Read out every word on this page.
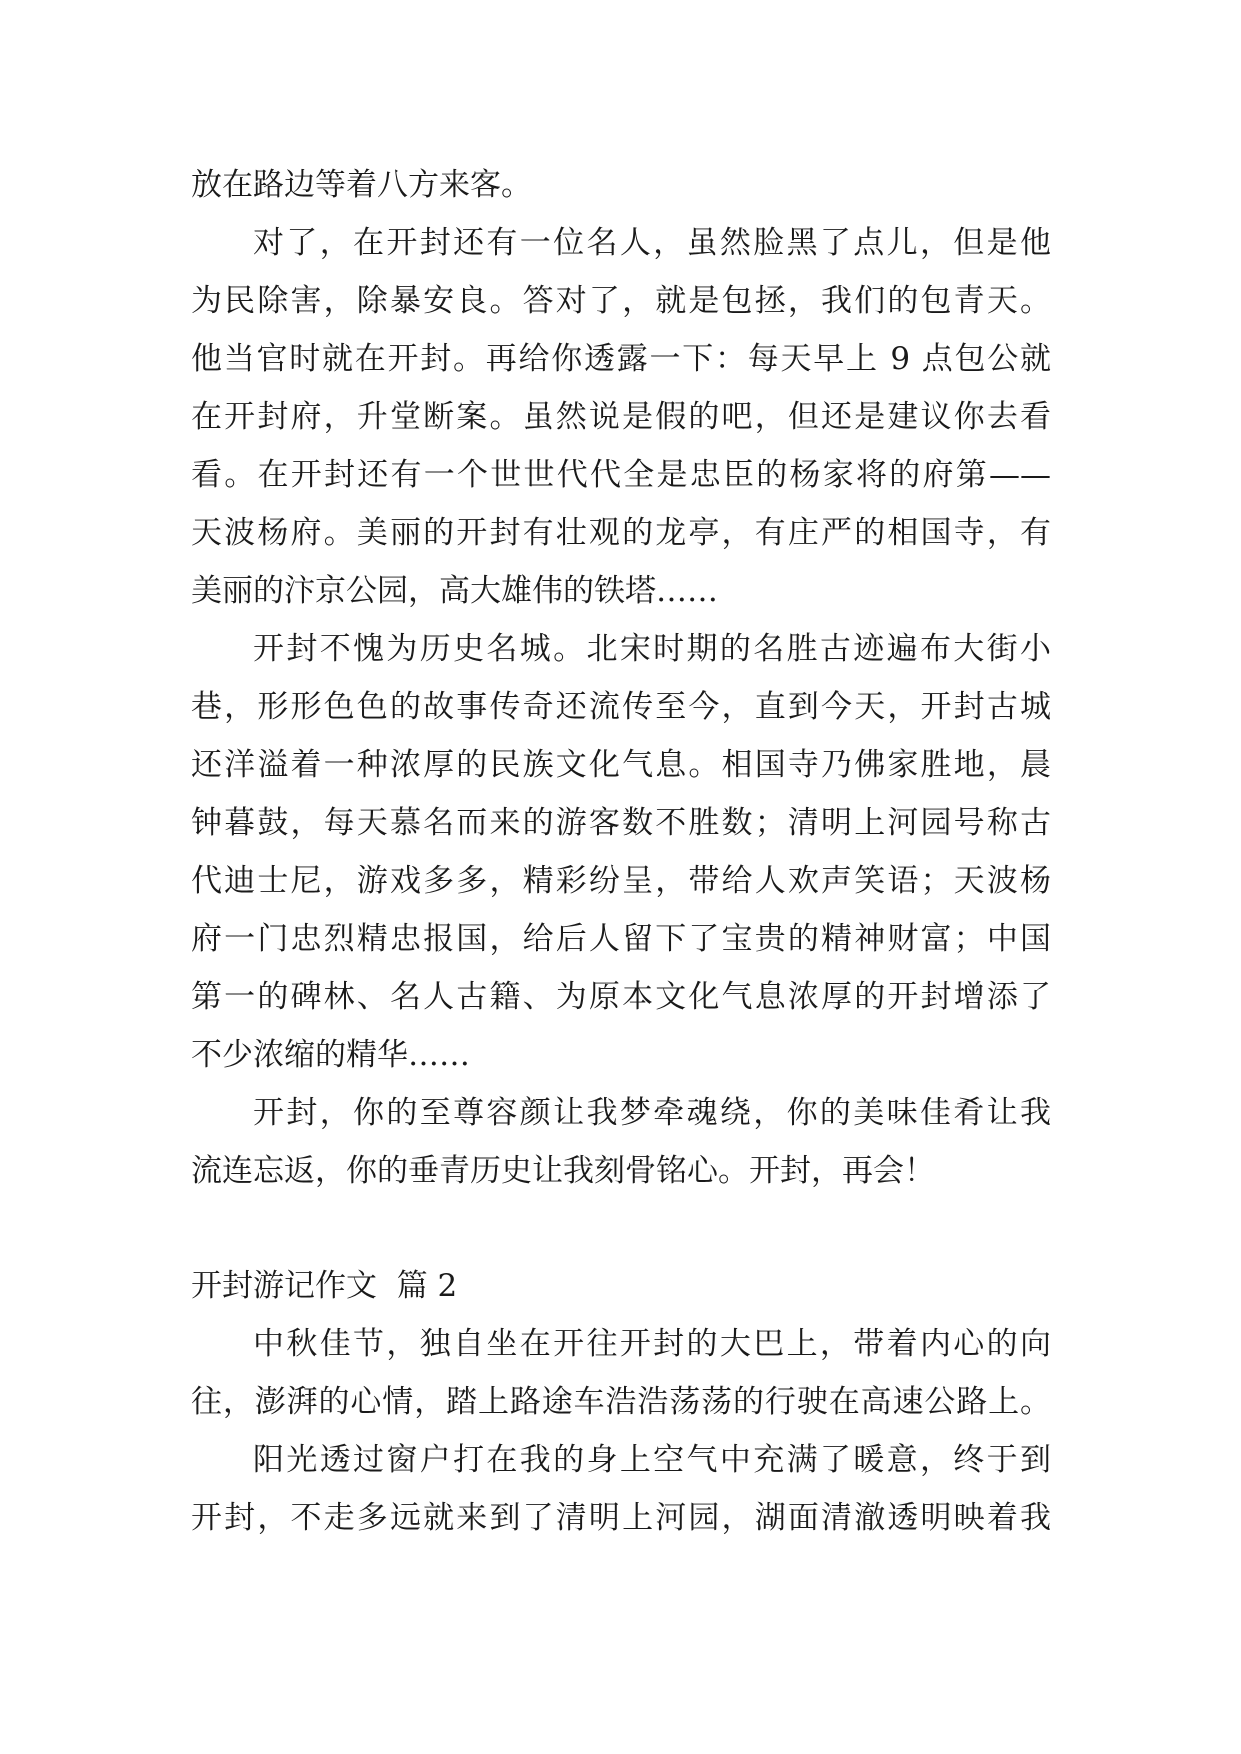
放在路边等着八方来客。
对了，在开封还有一位名人，虽然脸黑了点儿，但是他
为民除害，除暴安良。答对了，就是包拯，我们的包青天。
他当官时就在开封。再给你透露一下：每天早上 9 点包公就
在开封府，升堂断案。虽然说是假的吧，但还是建议你去看
看。在开封还有一个世世代代全是忠臣的杨家将的府第——
天波杨府。美丽的开封有壮观的龙亭，有庄严的相国寺，有
美丽的汴京公园，高大雄伟的铁塔……
开封不愧为历史名城。北宋时期的名胜古迹遍布大街小
巷，形形色色的故事传奇还流传至今，直到今天，开封古城
还洋溢着一种浓厚的民族文化气息。相国寺乃佛家胜地，晨
钟暮鼓，每天慕名而来的游客数不胜数；清明上河园号称古
代迪士尼，游戏多多，精彩纷呈，带给人欢声笑语；天波杨
府一门忠烈精忠报国，给后人留下了宝贵的精神财富；中国
第一的碑林、名人古籍、为原本文化气息浓厚的开封增添了
不少浓缩的精华……
开封，你的至尊容颜让我梦牵魂绕，你的美味佳肴让我
流连忘返，你的垂青历史让我刻骨铭心。开封，再会！
开封游记作文  篇 2
中秋佳节，独自坐在开往开封的大巴上，带着内心的向
往，澎湃的心情，踏上路途车浩浩荡荡的行驶在高速公路上。
阳光透过窗户打在我的身上空气中充满了暖意，终于到
开封，不走多远就来到了清明上河园，湖面清澈透明映着我
